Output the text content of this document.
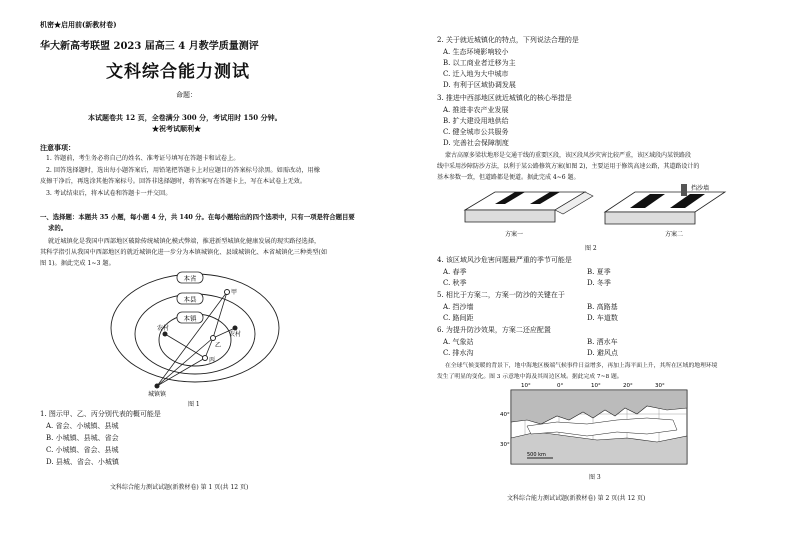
机密★启用前(新教材卷)
华大新高考联盟 2023 届高三 4 月教学质量测评
文科综合能力测试
命题：
本试题卷共 12 页，全卷满分 300 分，考试用时 150 分钟。
★祝考试顺利★
注意事项：
1. 答题前，考生务必将自己的姓名、准考证号填写在答题卡和试卷上。
2. 回答选择题时，选出每小题答案后，用铅笔把答题卡上对应题目的答案标号涂黑。如需改动，用橡
皮擦干净后，再选涂其他答案标号。回答非选择题时，将答案写在答题卡上，写在本试卷上无效。
3. 考试结束后，将本试卷和答题卡一并交回。
一、选择题：本题共 35 小题，每小题 4 分，共 140 分。在每小题给出的四个选项中，只有一项是符合题目要
求的。
就近城镇化是我国中西部地区破除传统城镇化模式弊端，推进新型城镇化健康发展的现实路径选择，
其科学指引从我国中西部地区的就近城镇化进一步分为本镇城镇化、县域城镇化、本省城镇化三种类型(如
图 1)。据此完成 1~3 题。
本省
本县
本镇
甲
乙
丙
农村
农村
城镇镇
图 1
1. 图示甲、乙、丙分别代表的概可能是
A. 省会、小城镇、县城
B. 小城镇、县城、省会
C. 小城镇、省会、县城
D. 县城、省会、小城镇
文科综合能力测试试题(新教材卷) 第 1 页(共 12 页)
2. 关于就近城镇化的特点，下列说法合理的是
A. 生态环境影响较小
B. 以工商业者迁移为主
C. 迁入地为大中城市
D. 有利于区域协调发展
3. 推进中西部地区就近城镇化的核心举措是
A. 推进非农产业发展
B. 扩大建设用地供给
C. 健全城市公共服务
D. 完善社会保障制度
蒙古高原多梁状地形是交通干线的重要区段，该区段风沙灾害比较严重，该区域段内某铁路段
线中采用沙障防沙方法，以利于某公路修筑方案(如图 2)，主要运用于修筑高速公路，其道路设计的
基本参数一致，但道路都是便道。据此完成 4~6 题。
挡沙墙
方案一	方案二
图 2
4. 该区域风沙危害问题最严重的季节可能是
A. 春季	B. 夏季
C. 秋季	D. 冬季
5. 相比于方案二，方案一防沙的关键在于
A. 挡沙墙	B. 高路基
C. 路间距	D. 车道数
6. 为提升防沙效果，方案二还应配置
A. 气象站	B. 洒水车
C. 排水沟	D. 避风点
在全球气候变暖的背景下，地中海地区极端气候事件日益增多，再加上海平面上升，其所在区域的地理环境
发生了明显的变化。图 3 示意地中海及其周边区域。据此完成 7~8 题。
10°	0°	10°	20°	30°
40°
30°
500 km
图 3
文科综合能力测试试题(新教材卷) 第 2 页(共 12 页)
